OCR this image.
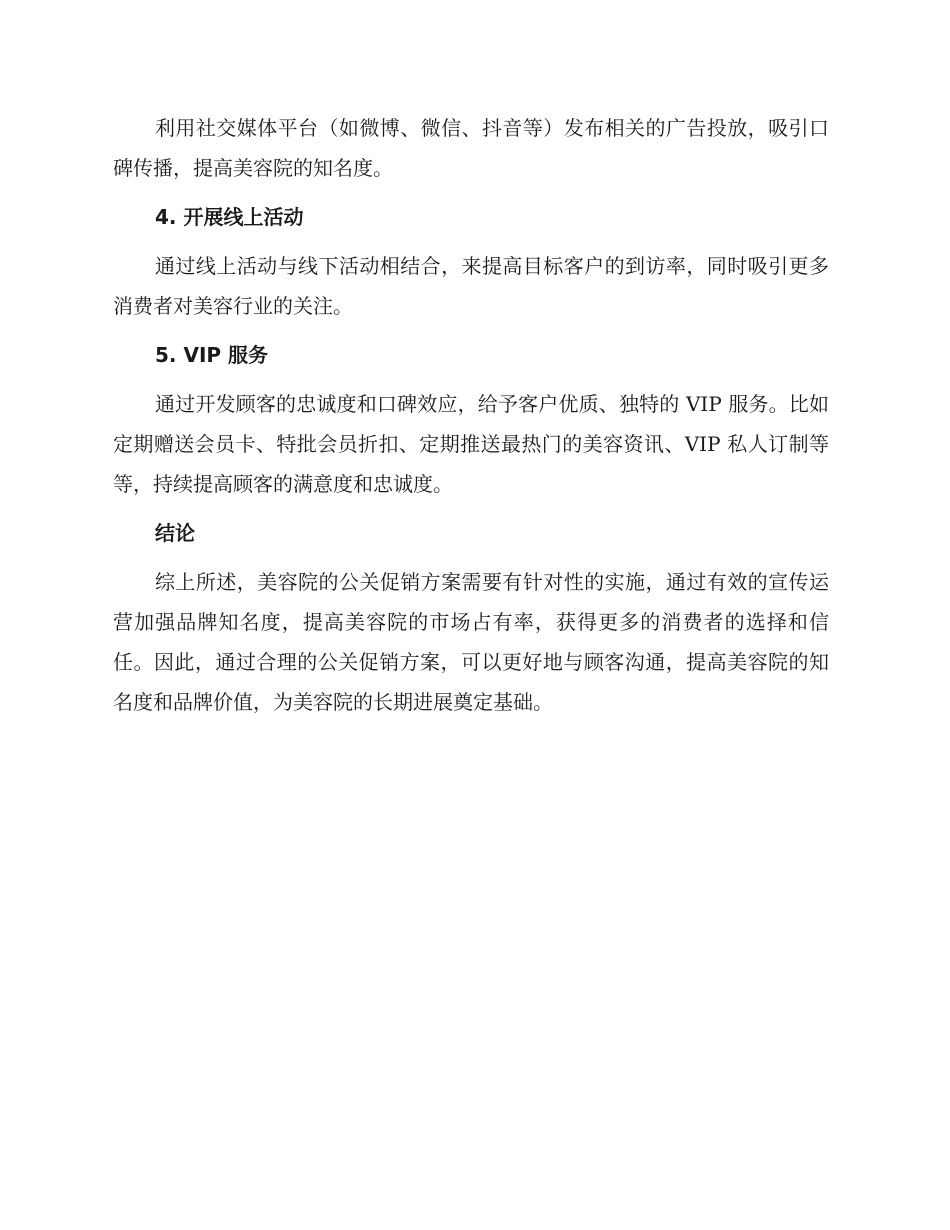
利用社交媒体平台（如微博、微信、抖音等）发布相关的广告投放，吸引口碑传播，提高美容院的知名度。

4. 开展线上活动

通过线上活动与线下活动相结合，来提高目标客户的到访率，同时吸引更多消费者对美容行业的关注。

5. VIP 服务

通过开发顾客的忠诚度和口碑效应，给予客户优质、独特的 VIP 服务。比如定期赠送会员卡、特批会员折扣、定期推送最热门的美容资讯、VIP 私人订制等等，持续提高顾客的满意度和忠诚度。

结论

综上所述，美容院的公关促销方案需要有针对性的实施，通过有效的宣传运营加强品牌知名度，提高美容院的市场占有率，获得更多的消费者的选择和信任。因此，通过合理的公关促销方案，可以更好地与顾客沟通，提高美容院的知名度和品牌价值，为美容院的长期进展奠定基础。
